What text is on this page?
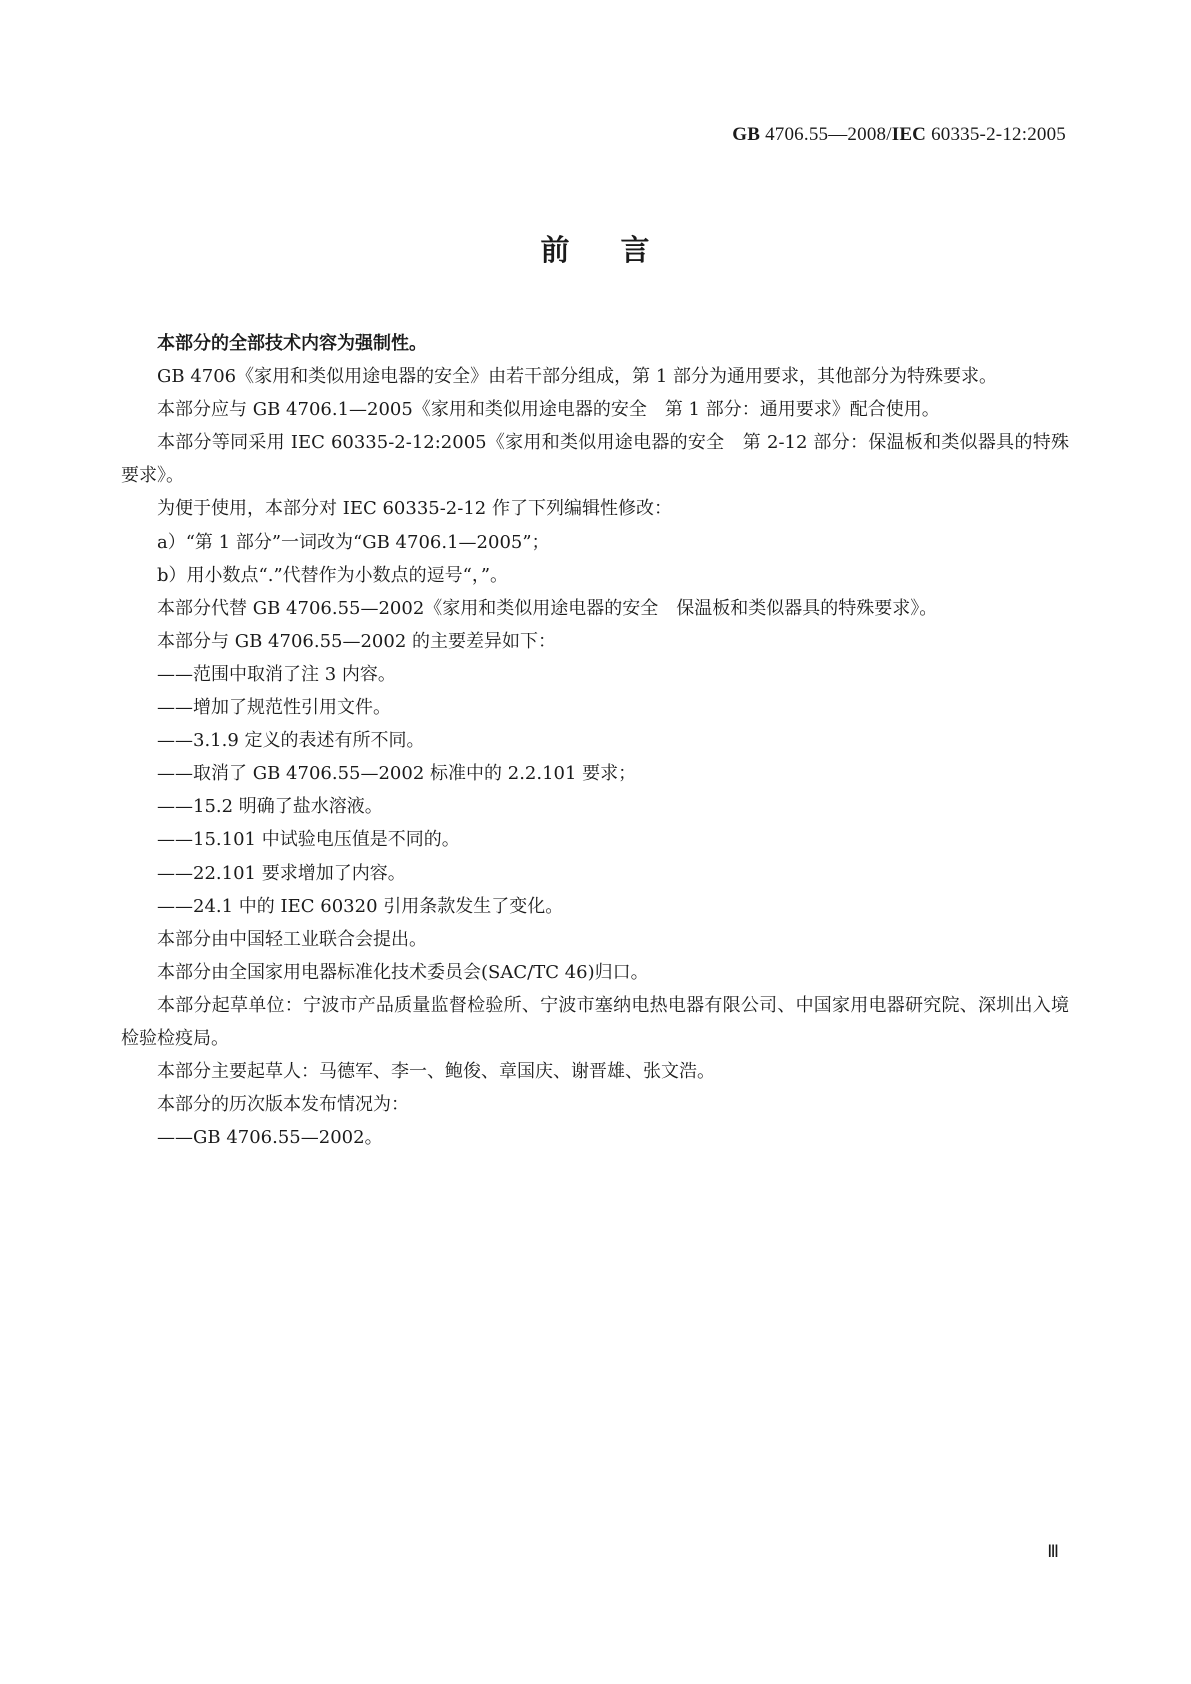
GB 4706.55—2008/IEC 60335-2-12:2005
前 言

本部分的全部技术内容为强制性。

GB 4706《家用和类似用途电器的安全》由若干部分组成，第 1 部分为通用要求，其他部分为特殊要求。

本部分应与 GB 4706.1—2005《家用和类似用途电器的安全　第 1 部分：通用要求》配合使用。

本部分等同采用 IEC 60335-2-12:2005《家用和类似用途电器的安全　第 2-12 部分：保温板和类似器具的特殊要求》。

为便于使用，本部分对 IEC 60335-2-12 作了下列编辑性修改：

a）“第 1 部分”一词改为“GB 4706.1—2005”；

b）用小数点“.”代替作为小数点的逗号“，”。

本部分代替 GB 4706.55—2002《家用和类似用途电器的安全　保温板和类似器具的特殊要求》。

本部分与 GB 4706.55—2002 的主要差异如下：

——范围中取消了注 3 内容。

——增加了规范性引用文件。

——3.1.9 定义的表述有所不同。

——取消了 GB 4706.55—2002 标准中的 2.2.101 要求；

——15.2 明确了盐水溶液。

——15.101 中试验电压值是不同的。

——22.101 要求增加了内容。

——24.1 中的 IEC 60320 引用条款发生了变化。

本部分由中国轻工业联合会提出。

本部分由全国家用电器标准化技术委员会(SAC/TC 46)归口。

本部分起草单位：宁波市产品质量监督检验所、宁波市塞纳电热电器有限公司、中国家用电器研究院、深圳出入境检验检疫局。

本部分主要起草人：马德军、李一、鲍俊、章国庆、谢晋雄、张文浩。

本部分的历次版本发布情况为：

——GB 4706.55—2002。

Ⅲ
